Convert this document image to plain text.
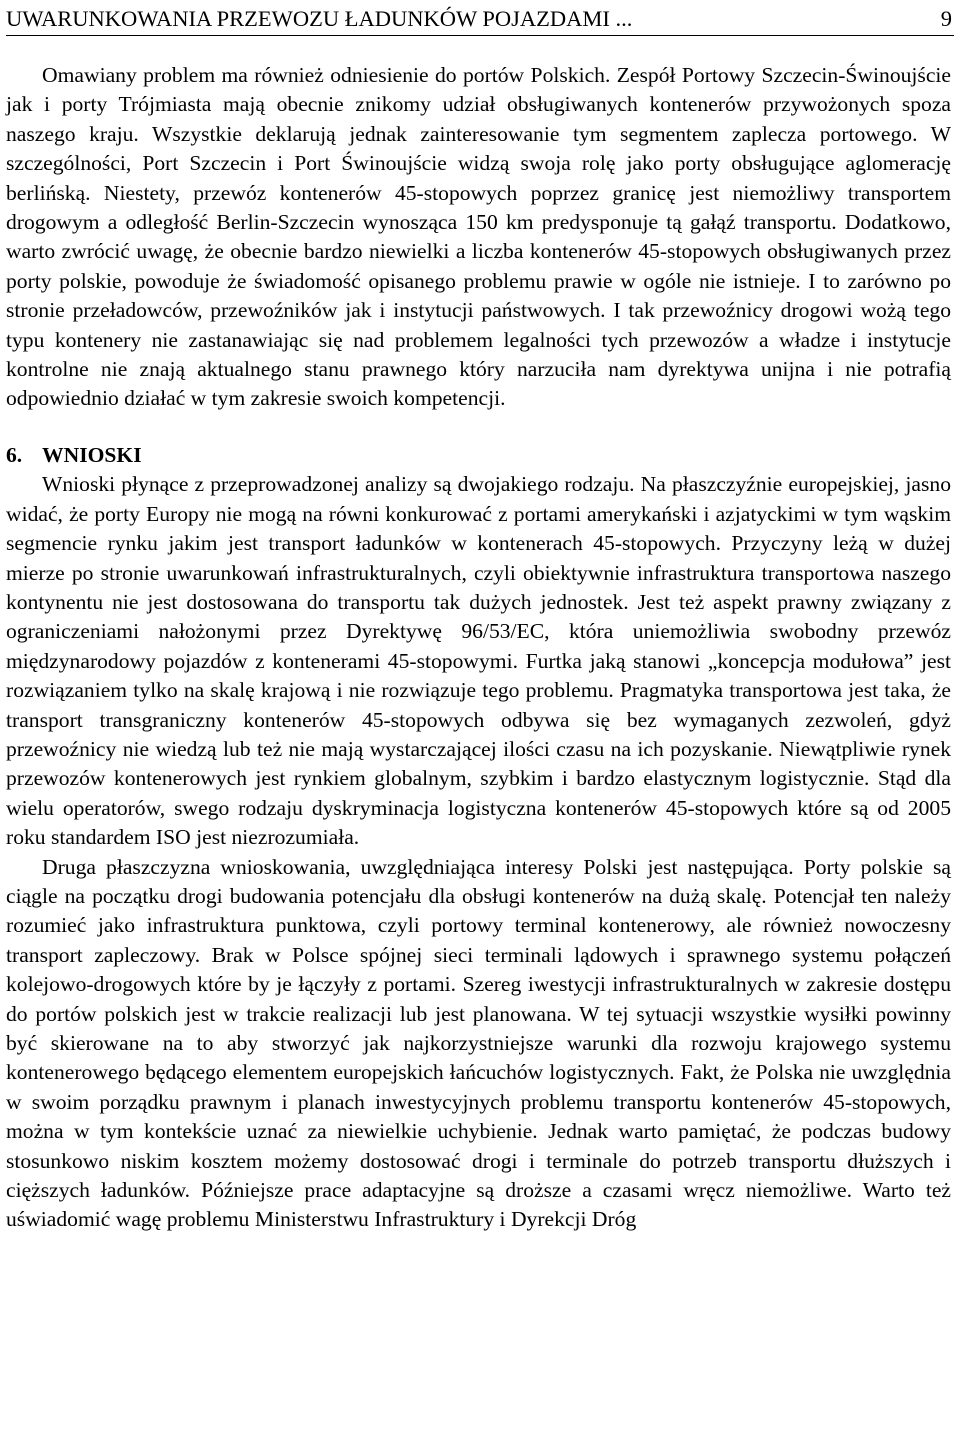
UWARUNKOWANIA PRZEWOZU ŁADUNKÓW POJAZDAMI ...	9

Omawiany problem ma również odniesienie do portów Polskich. Zespół Portowy Szczecin-Świnoujście jak i porty Trójmiasta mają obecnie znikomy udział obsługiwanych kontenerów przywożonych spoza naszego kraju. Wszystkie deklarują jednak zainteresowanie tym segmentem zaplecza portowego. W szczególności, Port Szczecin i Port Świnoujście widzą swoja rolę jako porty obsługujące aglomerację berlińską. Niestety, przewóz kontenerów 45-stopowych poprzez granicę jest niemożliwy transportem drogowym a odległość Berlin-Szczecin wynosząca 150 km predysponuje tą gałąź transportu. Dodatkowo, warto zwrócić uwagę, że obecnie bardzo niewielki a liczba kontenerów 45-stopowych obsługiwanych przez porty polskie, powoduje że świadomość opisanego problemu prawie w ogóle nie istnieje. I to zarówno po stronie przeładowców, przewoźników jak i instytucji państwowych. I tak przewoźnicy drogowi wożą tego typu kontenery nie zastanawiając się nad problemem legalności tych przewozów a władze i instytucje kontrolne nie znają aktualnego stanu prawnego który narzuciła nam dyrektywa unijna i nie potrafią odpowiednio działać w tym zakresie swoich kompetencji.

6. WNIOSKI

Wnioski płynące z przeprowadzonej analizy są dwojakiego rodzaju. Na płaszczyźnie europejskiej, jasno widać, że porty Europy nie mogą na równi konkurować z portami amerykański i azjatyckimi w tym wąskim segmencie rynku jakim jest transport ładunków w kontenerach 45-stopowych. Przyczyny leżą w dużej mierze po stronie uwarunkowań infrastrukturalnych, czyli obiektywnie infrastruktura transportowa naszego kontynentu nie jest dostosowana do transportu tak dużych jednostek. Jest też aspekt prawny związany z ograniczeniami nałożonymi przez Dyrektywę 96/53/EC, która uniemożliwia swobodny przewóz międzynarodowy pojazdów z kontenerami 45-stopowymi. Furtka jaką stanowi „koncepcja modułowa” jest rozwiązaniem tylko na skalę krajową i nie rozwiązuje tego problemu. Pragmatyka transportowa jest taka, że transport transgraniczny kontenerów 45-stopowych odbywa się bez wymaganych zezwoleń, gdyż przewoźnicy nie wiedzą lub też nie mają wystarczającej ilości czasu na ich pozyskanie. Niewątpliwie rynek przewozów kontenerowych jest rynkiem globalnym, szybkim i bardzo elastycznym logistycznie. Stąd dla wielu operatorów, swego rodzaju dyskryminacja logistyczna kontenerów 45-stopowych które są od 2005 roku standardem ISO jest niezrozumiała.

Druga płaszczyzna wnioskowania, uwzględniająca interesy Polski jest następująca. Porty polskie są ciągle na początku drogi budowania potencjału dla obsługi kontenerów na dużą skalę. Potencjał ten należy rozumieć jako infrastruktura punktowa, czyli portowy terminal kontenerowy, ale również nowoczesny transport zapleczowy. Brak w Polsce spójnej sieci terminali lądowych i sprawnego systemu połączeń kolejowo-drogowych które by je łączyły z portami. Szereg iwestycji infrastrukturalnych w zakresie dostępu do portów polskich jest w trakcie realizacji lub jest planowana. W tej sytuacji wszystkie wysiłki powinny być skierowane na to aby stworzyć jak najkorzystniejsze warunki dla rozwoju krajowego systemu kontenerowego będącego elementem europejskich łańcuchów logistycznych. Fakt, że Polska nie uwzględnia w swoim porządku prawnym i planach inwestycyjnych problemu transportu kontenerów 45-stopowych, można w tym kontekście uznać za niewielkie uchybienie. Jednak warto pamiętać, że podczas budowy stosunkowo niskim kosztem możemy dostosować drogi i terminale do potrzeb transportu dłuższych i cięższych ładunków. Późniejsze prace adaptacyjne są droższe a czasami wręcz niemożliwe. Warto też uświadomić wagę problemu Ministerstwu Infrastruktury i Dyrekcji Dróg
